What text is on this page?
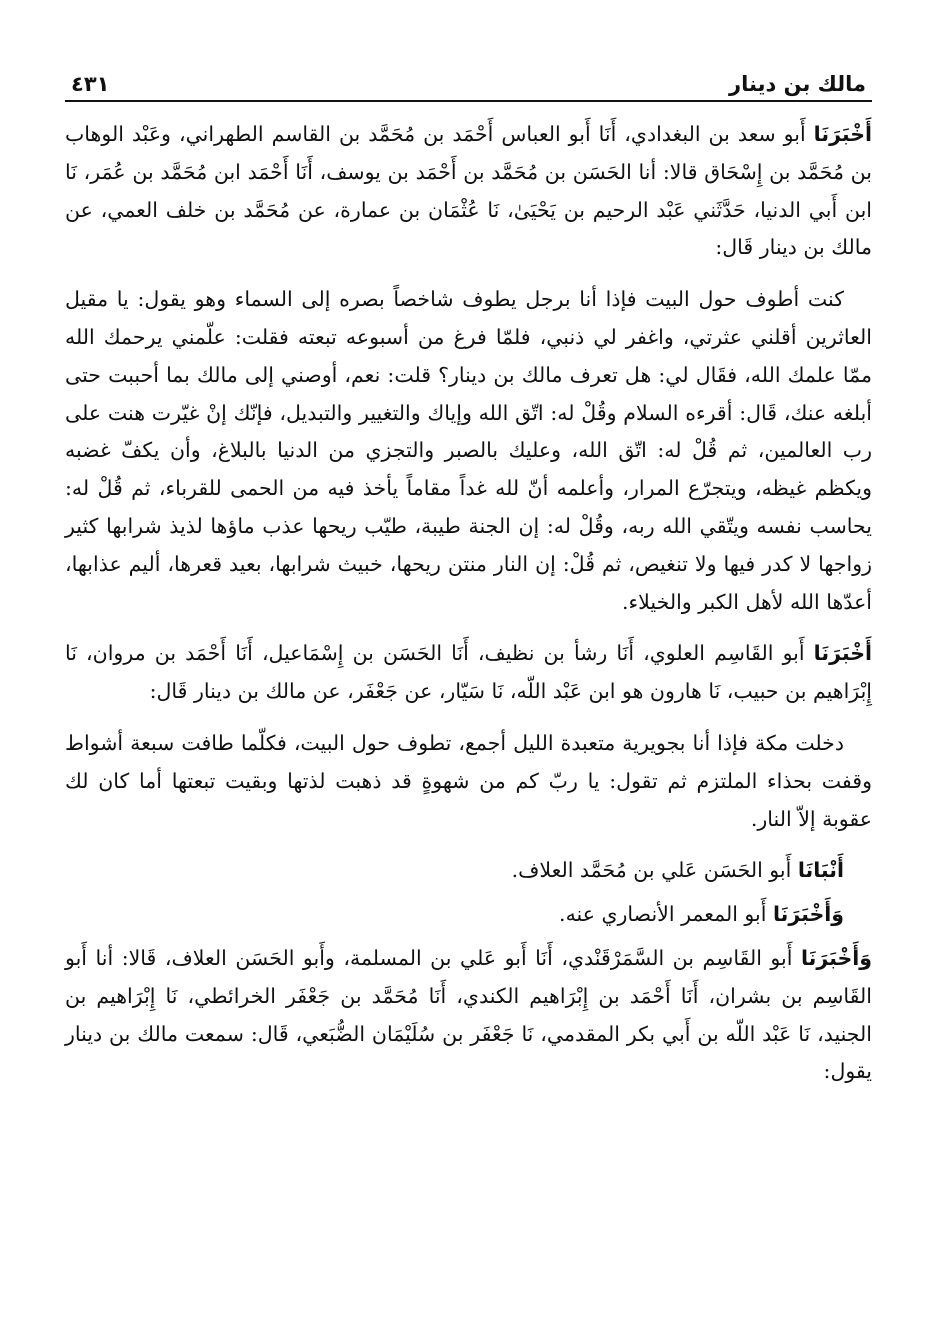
مالك بن دينار
٤٣١

أَخْبَرَنَا أَبو سعد بن البغدادي، أَنَا أَبو العباس أَحْمَد بن مُحَمَّد بن القاسم الطهراني، وعَبْد الوهاب بن مُحَمَّد بن إِسْحَاق قالا: أنا الحَسَن بن مُحَمَّد بن أَحْمَد بن يوسف، أَنَا أَحْمَد ابن مُحَمَّد بن عُمَر، نَا ابن أَبي الدنيا، حَدَّثَني عَبْد الرحيم بن يَحْيَىٰ، نَا عُثْمَان بن عمارة، عن مُحَمَّد بن خلف العمي، عن مالك بن دينار قَال:

كنت أطوف حول البيت فإذا أنا برجل يطوف شاخصاً بصره إلى السماء وهو يقول: يا مقيل العاثرين أقلني عثرتي، واغفر لي ذنبي، فلمّا فرغ من أسبوعه تبعته فقلت: علّمني يرحمك الله ممّا علمك الله، فقَال لي: هل تعرف مالك بن دينار؟ قلت: نعم، أوصني إلى مالك بما أحببت حتى أبلغه عنك، قَال: أقرءه السلام وقُلْ له: اتّق الله وإياك والتغيير والتبديل، فإنّك إنْ غيّرت هنت على رب العالمين، ثم قُلْ له: اتّق الله، وعليك بالصبر والتجزي من الدنيا بالبلاغ، وأن يكفّ غضبه ويكظم غيظه، ويتجرّع المرار، وأعلمه أنّ لله غداً مقاماً يأخذ فيه من الحمى للقرباء، ثم قُلْ له: يحاسب نفسه ويتّقي الله ربه، وقُلْ له: إن الجنة طيبة، طيّب ريحها عذب ماؤها لذيذ شرابها كثير زواجها لا كدر فيها ولا تنغيص، ثم قُلْ: إن النار منتن ريحها، خبيث شرابها، بعيد قعرها، أليم عذابها، أعدّها الله لأهل الكبر والخيلاء.

أَخْبَرَنَا أَبو القَاسِم العلوي، أَنَا رشأ بن نظيف، أَنَا الحَسَن بن إِسْمَاعيل، أَنَا أَحْمَد بن مروان، نَا إِبْرَاهيم بن حبيب، نَا هارون هو ابن عَبْد اللّه، نَا سَيّار، عن جَعْفَر، عن مالك بن دينار قَال:

دخلت مكة فإذا أنا بجويرية متعبدة الليل أجمع، تطوف حول البيت، فكلّما طافت سبعة أشواط وقفت بحذاء الملتزم ثم تقول: يا ربّ كم من شهوةٍ قد ذهبت لذتها وبقيت تبعتها أما كان لك عقوبة إلاّ النار.

أَنْبَانَا أَبو الحَسَن عَلي بن مُحَمَّد العلاف.

وَأَخْبَرَنَا أَبو المعمر الأنصاري عنه.

وَأَخْبَرَنَا أَبو القَاسِم بن السَّمَرْقَنْدي، أَنَا أَبو عَلي بن المسلمة، وأَبو الحَسَن العلاف، قَالا: أنا أَبو القَاسِم بن بشران، أَنَا أَحْمَد بن إِبْرَاهيم الكندي، أَنَا مُحَمَّد بن جَعْفَر الخرائطي، نَا إِبْرَاهيم بن الجنيد، نَا عَبْد اللّه بن أَبي بكر المقدمي، نَا جَعْفَر بن سُلَيْمَان الضُّبَعي، قَال: سمعت مالك بن دينار يقول:
